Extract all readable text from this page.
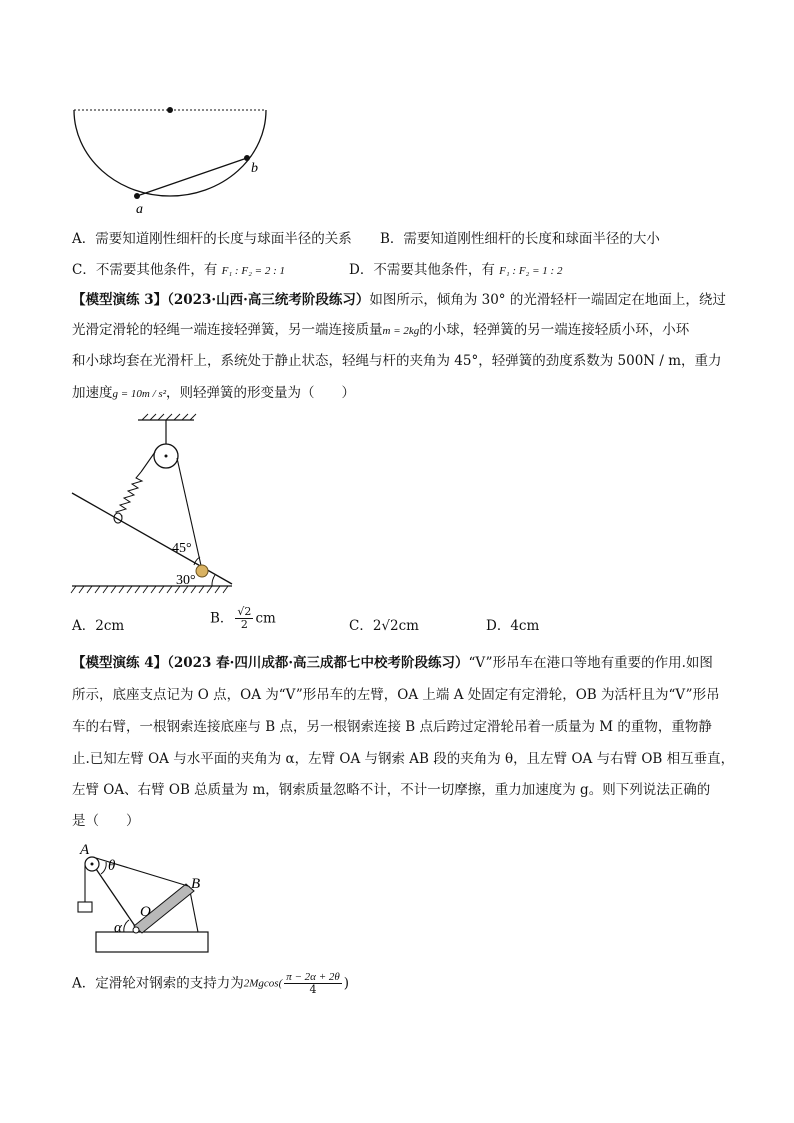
a
b
A．需要知道刚性细杆的长度与球面半径的关系 B．需要知道刚性细杆的长度和球面半径的大小
C．不需要其他条件，有 F₁ : F₂ = 2 : 1	D．不需要其他条件，有 F₁ : F₂ = 1 : 2
【模型演练 3】（2023·山西·高三统考阶段练习）如图所示，倾角为 30° 的光滑轻杆一端固定在地面上，绕过
光滑定滑轮的轻绳一端连接轻弹簧，另一端连接质量m = 2kg的小球，轻弹簧的另一端连接轻质小环，小环
和小球均套在光滑杆上，系统处于静止状态，轻绳与杆的夹角为 45°，轻弹簧的劲度系数为 500N / m，重力
加速度g = 10m / s²，则轻弹簧的形变量为（　　）
45°
30°
A．2cm	B． $\frac{√2}{2}$ cm	C．2√2cm	D．4cm
【模型演练 4】（2023 春·四川成都·高三成都七中校考阶段练习）“V”形吊车在港口等地有重要的作用.如图
所示，底座支点记为 O 点，OA 为“V”形吊车的左臂，OA 上端 A 处固定有定滑轮，OB 为活杆且为“V”形吊
车的右臂，一根钢索连接底座与 B 点，另一根钢索连接 B 点后跨过定滑轮吊着一质量为 M 的重物，重物静
止.已知左臂 OA 与水平面的夹角为 α，左臂 OA 与钢索 AB 段的夹角为 θ，且左臂 OA 与右臂 OB 相互垂直，
左臂 OA、右臂 OB 总质量为 m，钢索质量忽略不计，不计一切摩擦，重力加速度为 g。则下列说法正确的
是（　　）
A
B
O
θ
α
A．定滑轮对钢索的支持力为$2Mgcos( \frac{\pi - 2\alpha + 2\theta}{4}$ )
